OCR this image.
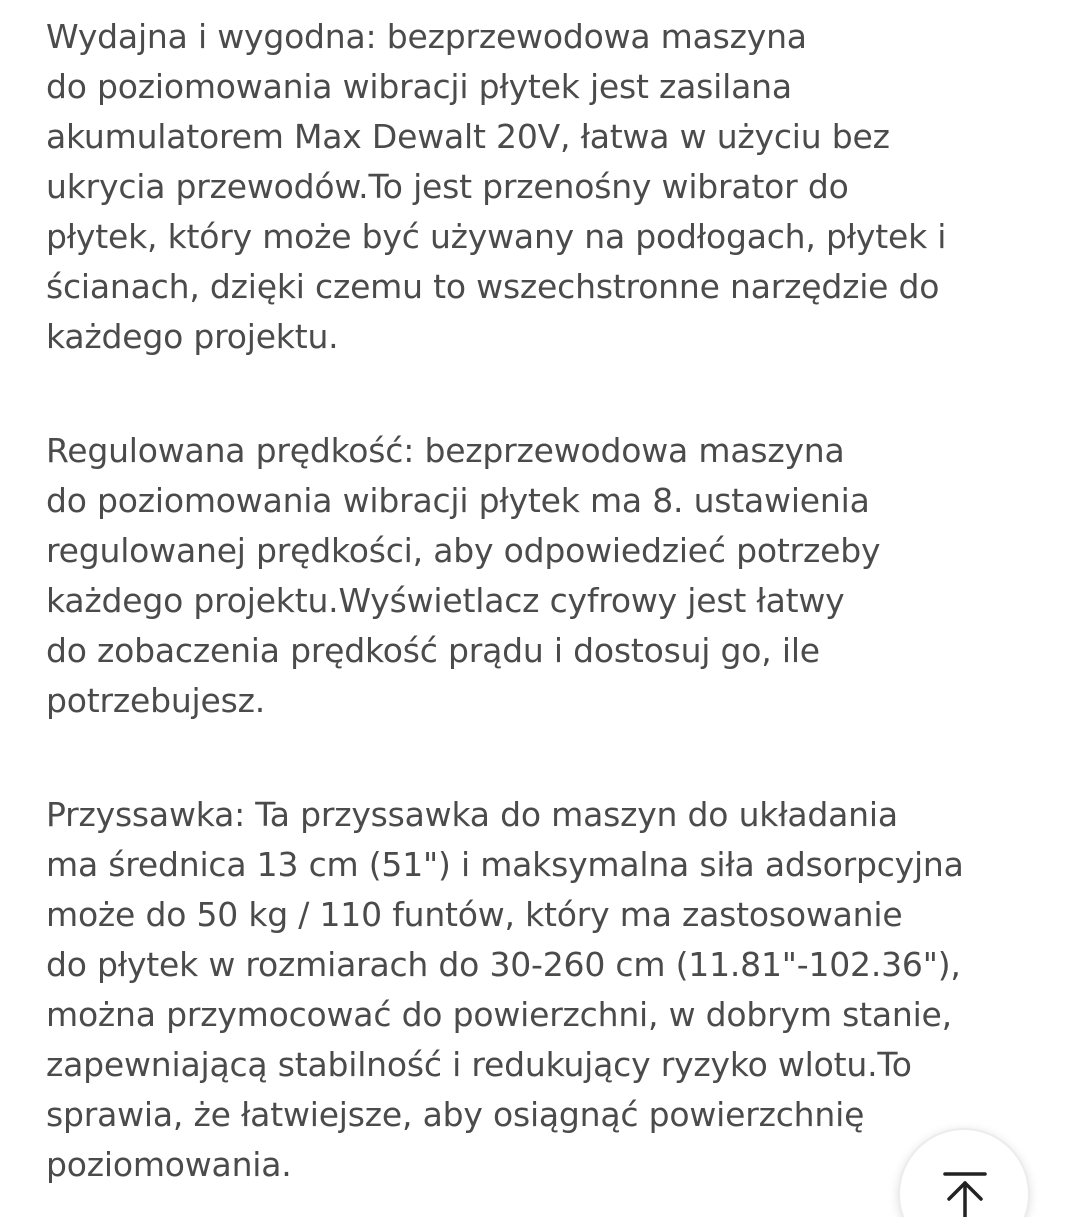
Wydajna i wygodna: bezprzewodowa maszyna
do poziomowania wibracji płytek jest zasilana
akumulatorem Max Dewalt 20V, łatwa w użyciu bez
ukrycia przewodów.To jest przenośny wibrator do
płytek, który może być używany na podłogach, płytek i
ścianach, dzięki czemu to wszechstronne narzędzie do
każdego projektu.

Regulowana prędkość: bezprzewodowa maszyna
do poziomowania wibracji płytek ma 8. ustawienia
regulowanej prędkości, aby odpowiedzieć potrzeby
każdego projektu.Wyświetlacz cyfrowy jest łatwy
do zobaczenia prędkość prądu i dostosuj go, ile
potrzebujesz.

Przyssawka: Ta przyssawka do maszyn do układania
ma średnica 13 cm (51") i maksymalna siła adsorpcyjna
może do 50 kg / 110 funtów, który ma zastosowanie
do płytek w rozmiarach do 30-260 cm (11.81"-102.36"),
można przymocować do powierzchni, w dobrym stanie,
zapewniającą stabilność i redukujący ryzyko wlotu.To
sprawia, że łatwiejsze, aby osiągnąć powierzchnię
poziomowania.
